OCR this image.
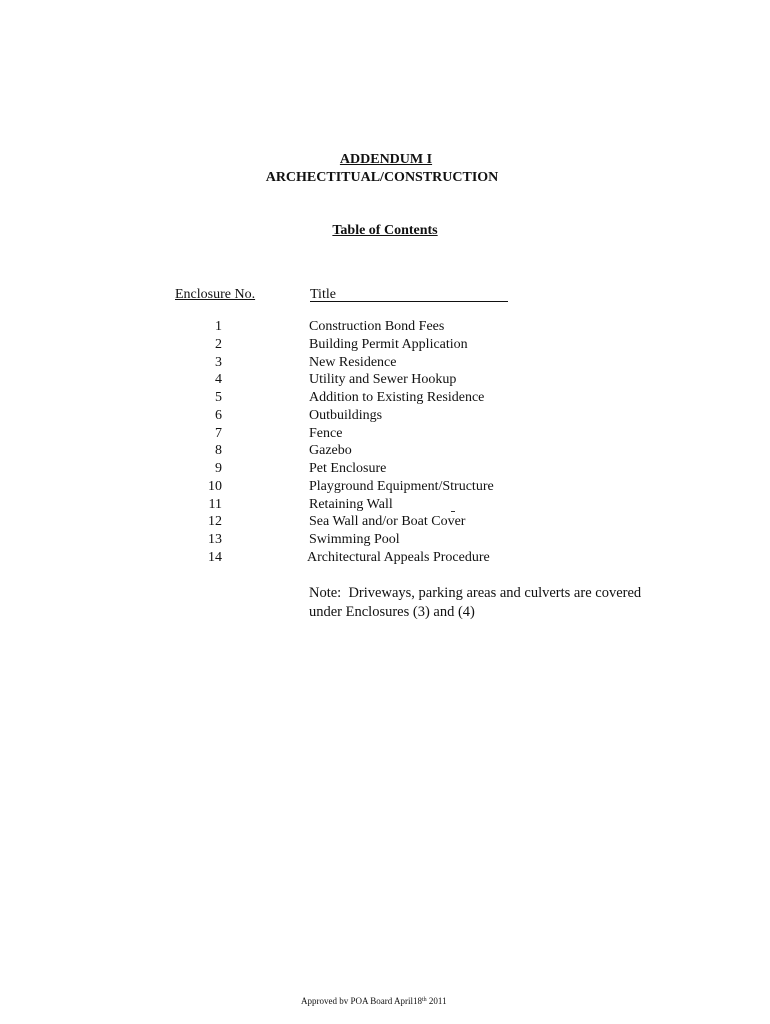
ADDENDUM I
ARCHECTITUAL/CONSTRUCTION
Table of Contents
Enclosure No.	Title
1	Construction Bond Fees
2	Building Permit Application
3	New Residence
4	Utility and Sewer Hookup
5	Addition to Existing Residence
6	Outbuildings
7	Fence
8	Gazebo
9	Pet Enclosure
10	Playground Equipment/Structure
11	Retaining Wall
12	Sea Wall and/or Boat Cover
13	Swimming Pool
14	Architectural Appeals Procedure
Note:  Driveways, parking areas and culverts are covered
under Enclosures (3) and (4)
Approved bv POA Board April18th 2011
